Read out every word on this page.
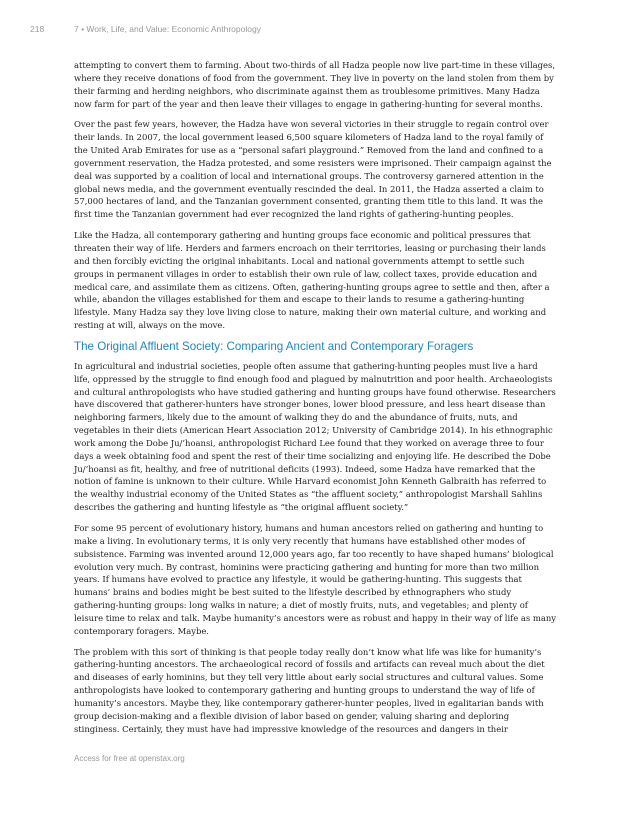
218	7 • Work, Life, and Value: Economic Anthropology

attempting to convert them to farming. About two-thirds of all Hadza people now live part-time in these villages, where they receive donations of food from the government. They live in poverty on the land stolen from them by their farming and herding neighbors, who discriminate against them as troublesome primitives. Many Hadza now farm for part of the year and then leave their villages to engage in gathering-hunting for several months.

Over the past few years, however, the Hadza have won several victories in their struggle to regain control over their lands. In 2007, the local government leased 6,500 square kilometers of Hadza land to the royal family of the United Arab Emirates for use as a “personal safari playground.” Removed from the land and confined to a government reservation, the Hadza protested, and some resisters were imprisoned. Their campaign against the deal was supported by a coalition of local and international groups. The controversy garnered attention in the global news media, and the government eventually rescinded the deal. In 2011, the Hadza asserted a claim to 57,000 hectares of land, and the Tanzanian government consented, granting them title to this land. It was the first time the Tanzanian government had ever recognized the land rights of gathering-hunting peoples.

Like the Hadza, all contemporary gathering and hunting groups face economic and political pressures that threaten their way of life. Herders and farmers encroach on their territories, leasing or purchasing their lands and then forcibly evicting the original inhabitants. Local and national governments attempt to settle such groups in permanent villages in order to establish their own rule of law, collect taxes, provide education and medical care, and assimilate them as citizens. Often, gathering-hunting groups agree to settle and then, after a while, abandon the villages established for them and escape to their lands to resume a gathering-hunting lifestyle. Many Hadza say they love living close to nature, making their own material culture, and working and resting at will, always on the move.

The Original Affluent Society: Comparing Ancient and Contemporary Foragers

In agricultural and industrial societies, people often assume that gathering-hunting peoples must live a hard life, oppressed by the struggle to find enough food and plagued by malnutrition and poor health. Archaeologists and cultural anthropologists who have studied gathering and hunting groups have found otherwise. Researchers have discovered that gatherer-hunters have stronger bones, lower blood pressure, and less heart disease than neighboring farmers, likely due to the amount of walking they do and the abundance of fruits, nuts, and vegetables in their diets (American Heart Association 2012; University of Cambridge 2014). In his ethnographic work among the Dobe Ju/’hoansi, anthropologist Richard Lee found that they worked on average three to four days a week obtaining food and spent the rest of their time socializing and enjoying life. He described the Dobe Ju/’hoansi as fit, healthy, and free of nutritional deficits (1993). Indeed, some Hadza have remarked that the notion of famine is unknown to their culture. While Harvard economist John Kenneth Galbraith has referred to the wealthy industrial economy of the United States as “the affluent society,” anthropologist Marshall Sahlins describes the gathering and hunting lifestyle as “the original affluent society.”

For some 95 percent of evolutionary history, humans and human ancestors relied on gathering and hunting to make a living. In evolutionary terms, it is only very recently that humans have established other modes of subsistence. Farming was invented around 12,000 years ago, far too recently to have shaped humans’ biological evolution very much. By contrast, hominins were practicing gathering and hunting for more than two million years. If humans have evolved to practice any lifestyle, it would be gathering-hunting. This suggests that humans’ brains and bodies might be best suited to the lifestyle described by ethnographers who study gathering-hunting groups: long walks in nature; a diet of mostly fruits, nuts, and vegetables; and plenty of leisure time to relax and talk. Maybe humanity’s ancestors were as robust and happy in their way of life as many contemporary foragers. Maybe.

The problem with this sort of thinking is that people today really don’t know what life was like for humanity’s gathering-hunting ancestors. The archaeological record of fossils and artifacts can reveal much about the diet and diseases of early hominins, but they tell very little about early social structures and cultural values. Some anthropologists have looked to contemporary gathering and hunting groups to understand the way of life of humanity’s ancestors. Maybe they, like contemporary gatherer-hunter peoples, lived in egalitarian bands with group decision-making and a flexible division of labor based on gender, valuing sharing and deploring stinginess. Certainly, they must have had impressive knowledge of the resources and dangers in their

Access for free at openstax.org
